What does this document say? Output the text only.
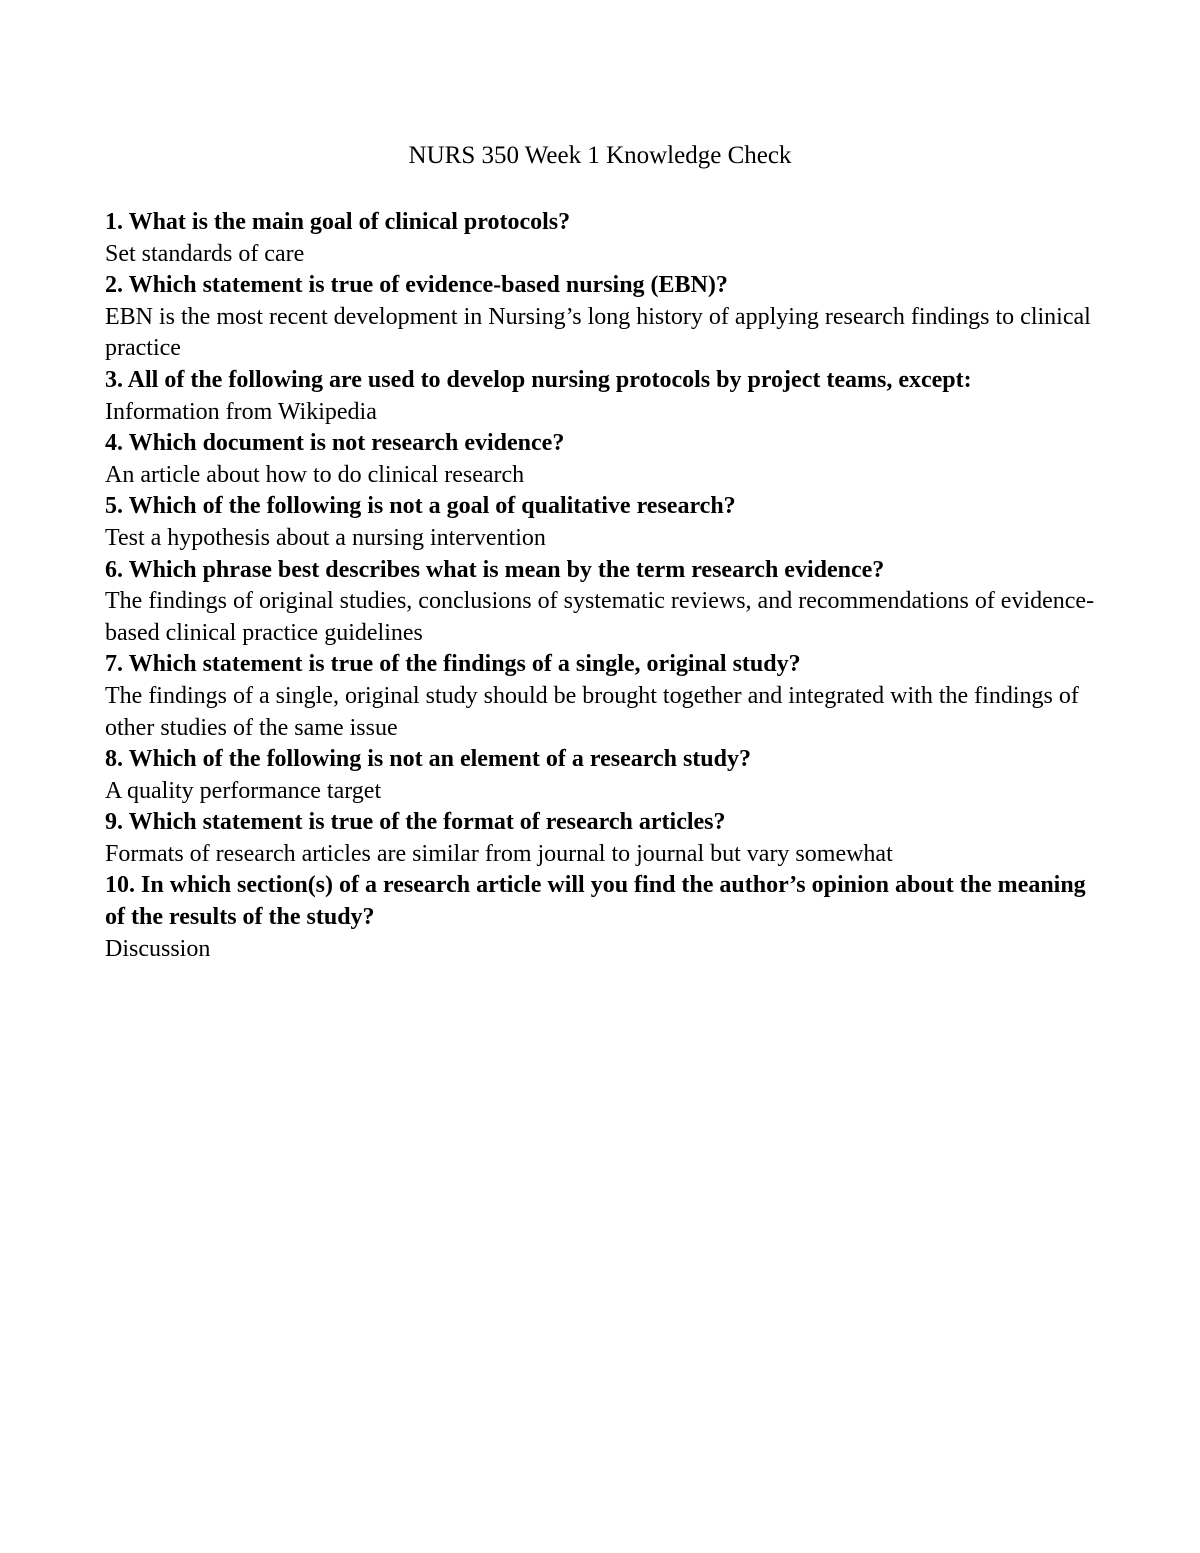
NURS 350 Week 1 Knowledge Check
1. What is the main goal of clinical protocols?
Set standards of care
2. Which statement is true of evidence-based nursing (EBN)?
EBN is the most recent development in Nursing’s long history of applying research findings to clinical practice
3. All of the following are used to develop nursing protocols by project teams, except:
Information from Wikipedia
4. Which document is not research evidence?
An article about how to do clinical research
5. Which of the following is not a goal of qualitative research?
Test a hypothesis about a nursing intervention
6. Which phrase best describes what is mean by the term research evidence?
The findings of original studies, conclusions of systematic reviews, and recommendations of evidence-based clinical practice guidelines
7. Which statement is true of the findings of a single, original study?
The findings of a single, original study should be brought together and integrated with the findings of other studies of the same issue
8. Which of the following is not an element of a research study?
A quality performance target
9. Which statement is true of the format of research articles?
Formats of research articles are similar from journal to journal but vary somewhat
10. In which section(s) of a research article will you find the author’s opinion about the meaning of the results of the study?
Discussion
